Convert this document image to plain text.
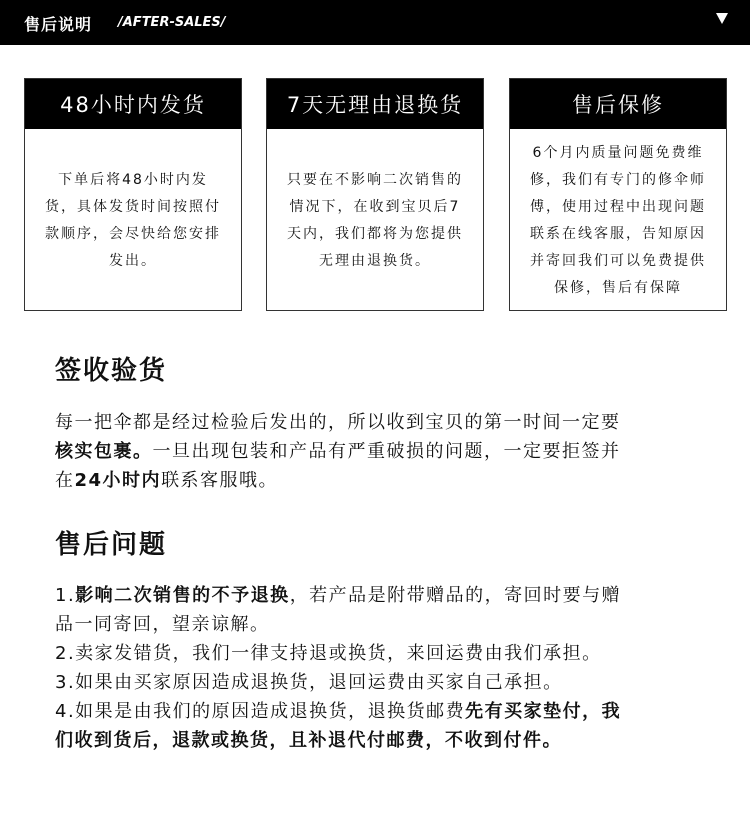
售后说明 /AFTER-SALES/
48小时内发货
下单后将48小时内发货，具体发货时间按照付款顺序，会尽快给您安排发出。
7天无理由退换货
只要在不影响二次销售的情况下，在收到宝贝后7天内，我们都将为您提供无理由退换货。
售后保修
6个月内质量问题免费维修，我们有专门的修伞师傅，使用过程中出现问题联系在线客服，告知原因并寄回我们可以免费提供保修，售后有保障
签收验货
每一把伞都是经过检验后发出的，所以收到宝贝的第一时间一定要
核实包裹。一旦出现包装和产品有严重破损的问题，一定要拒签并
在24小时内联系客服哦。
售后问题
1.影响二次销售的不予退换，若产品是附带赠品的，寄回时要与赠
品一同寄回，望亲谅解。
2.卖家发错货，我们一律支持退或换货，来回运费由我们承担。
3.如果由买家原因造成退换货，退回运费由买家自己承担。
4.如果是由我们的原因造成退换货，退换货邮费先有买家垫付，我
们收到货后，退款或换货，且补退代付邮费，不收到付件。
